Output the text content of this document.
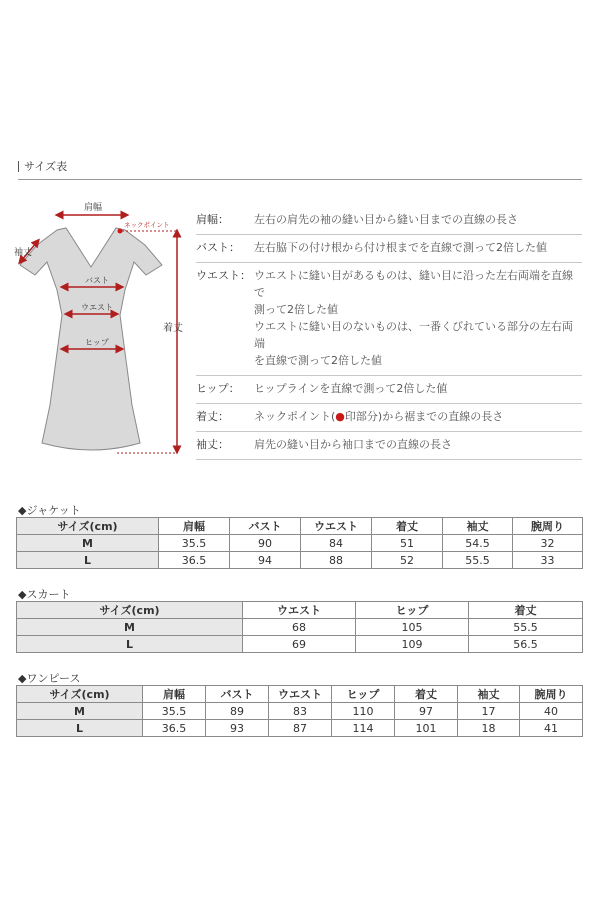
サイズ表
肩幅
ネックポイント
袖丈
バスト
ウエスト
ヒップ
着丈
肩幅：	左右の肩先の袖の縫い目から縫い目までの直線の長さ
バスト：	左右脇下の付け根から付け根までを直線で測って2倍した値
ウエスト： ウエストに縫い目があるものは、縫い目に沿った左右両端を直線で
測って2倍した値
ウエストに縫い目のないものは、一番くびれている部分の左右両端
を直線で測って2倍した値
ヒップ：	ヒップラインを直線で測って2倍した値
着丈：	ネックポイント(●印部分)から裾までの直線の長さ
袖丈：	肩先の縫い目から袖口までの直線の長さ
◆ジャケット
サイズ(cm)	肩幅	バスト	ウエスト	着丈	袖丈	腕周り
M	35.5	90	84	51	54.5	32
L	36.5	94	88	52	55.5	33
◆スカート
サイズ(cm)	ウエスト	ヒップ	着丈
M	68	105	55.5
L	69	109	56.5
◆ワンピース
サイズ(cm)	肩幅	バスト	ウエスト	ヒップ	着丈	袖丈	腕周り
M	35.5	89	83	110	97	17	40
L	36.5	93	87	114	101	18	41
